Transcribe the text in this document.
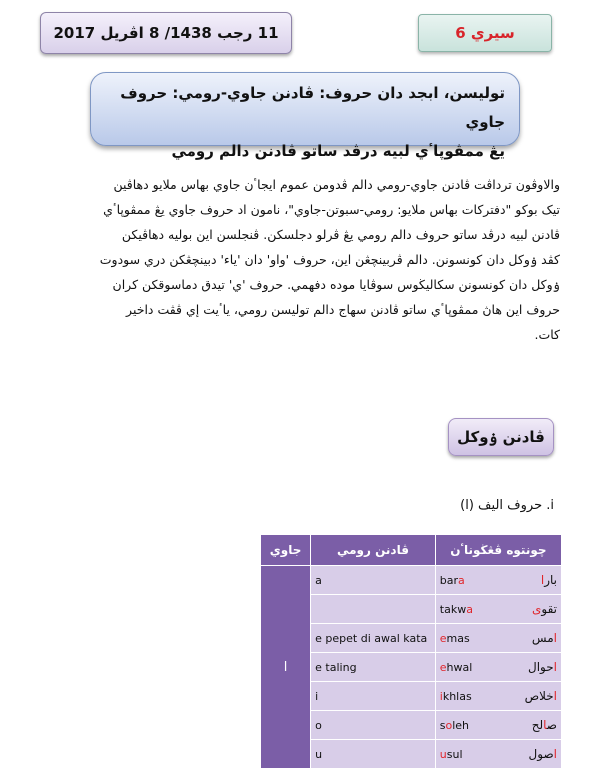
11 رجب 1438/ 8 اڤريل 2017	سيري 6
توليسن، ابجد دان حروف: ڤادنن جاوي-رومي: حروف جاوي
يڠ ممڤوڽاٴي لبيه درڤد ساتو ڤادنن دالم رومي
والاوڤون ترداڤت ڤادنن جاوي-رومي دالم ڤدومن عموم ايجاٴن جاوي بهاس ملايو دهاڤين
تيک بوکو "دفترکات بهاس ملايو: رومي-سبوتن-جاوي"، نامون اد حروف جاوي يڠ ممڤوڽاٴي
ڤادنن لبيه درڤد ساتو حروف دالم رومي يڠ ڤرلو دجلسکن. ڤنجلسن اين بوليه دهاڤيکن
کڤد ۏوکل دان کونسونن. دالم ڤربينچڠن اين، حروف 'واو' دان 'ياء' دبينچڠکن دري سودوت
ۏوکل دان کونسونن سکاليڬوس سوڤايا موده دفهمي. حروف 'ي' تيدق دماسوقکن کران
حروف اين هاڽ ممڤوڽاٴي ساتو ڤادنن سهاج دالم توليسن رومي، ياٴيت إي ڤڤت داخير
کات.
ڤادنن ۏوکل
i. حروف اليف (ا)
جاوي	ڤادنن رومي	چونتوه ڤڠڬوناٴن
ا	a	bara بارا

		takwa تقوى

	e pepet di awal kata	emas امس

	e taling	ehwal احوال

	i	ikhlas اخلاص

	o	soleh صالح

	u	usul اصول
